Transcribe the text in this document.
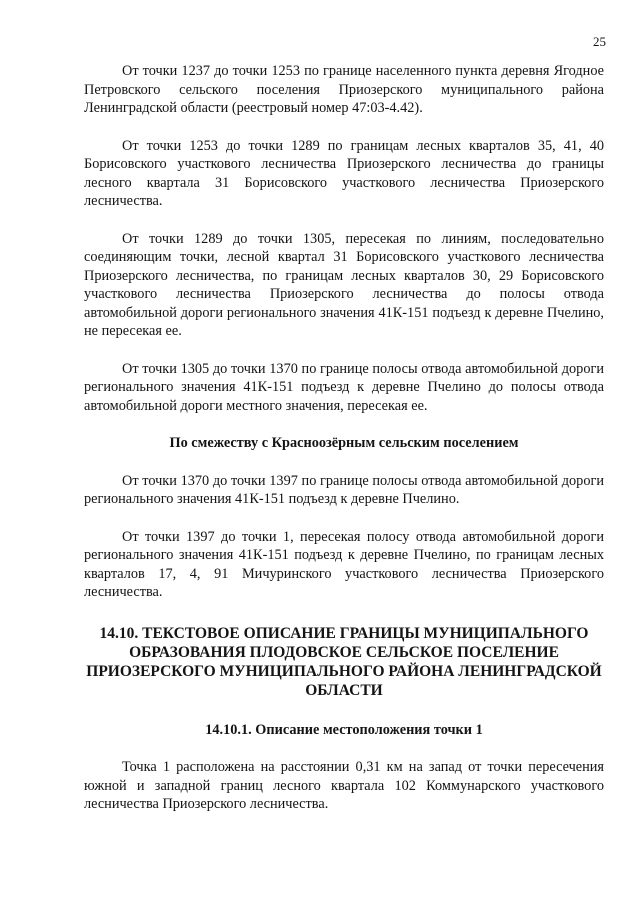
25

От точки 1237 до точки 1253 по границе населенного пункта деревня Ягодное Петровского сельского поселения Приозерского муниципального района Ленинградской области (реестровый номер 47:03-4.42).

От точки 1253 до точки 1289 по границам лесных кварталов 35, 41, 40 Борисовского участкового лесничества Приозерского лесничества до границы лесного квартала 31 Борисовского участкового лесничества Приозерского лесничества.

От точки 1289 до точки 1305, пересекая по линиям, последовательно соединяющим точки, лесной квартал 31 Борисовского участкового лесничества Приозерского лесничества, по границам лесных кварталов 30, 29 Борисовского участкового лесничества Приозерского лесничества до полосы отвода автомобильной дороги регионального значения 41К-151 подъезд к деревне Пчелино, не пересекая ее.

От точки 1305 до точки 1370 по границе полосы отвода автомобильной дороги регионального значения 41К-151 подъезд к деревне Пчелино до полосы отвода автомобильной дороги местного значения, пересекая ее.

По смежеству с Красноозёрным сельским поселением

От точки 1370 до точки 1397 по границе полосы отвода автомобильной дороги регионального значения 41К-151 подъезд к деревне Пчелино.

От точки 1397 до точки 1, пересекая полосу отвода автомобильной дороги регионального значения 41К-151 подъезд к деревне Пчелино, по границам лесных кварталов 17, 4, 91 Мичуринского участкового лесничества Приозерского лесничества.

14.10. ТЕКСТОВОЕ ОПИСАНИЕ ГРАНИЦЫ МУНИЦИПАЛЬНОГО ОБРАЗОВАНИЯ ПЛОДОВСКОЕ СЕЛЬСКОЕ ПОСЕЛЕНИЕ ПРИОЗЕРСКОГО МУНИЦИПАЛЬНОГО РАЙОНА ЛЕНИНГРАДСКОЙ ОБЛАСТИ
14.10.1. Описание местоположения точки 1

Точка 1 расположена на расстоянии 0,31 км на запад от точки пересечения южной и западной границ лесного квартала 102 Коммунарского участкового лесничества Приозерского лесничества.
